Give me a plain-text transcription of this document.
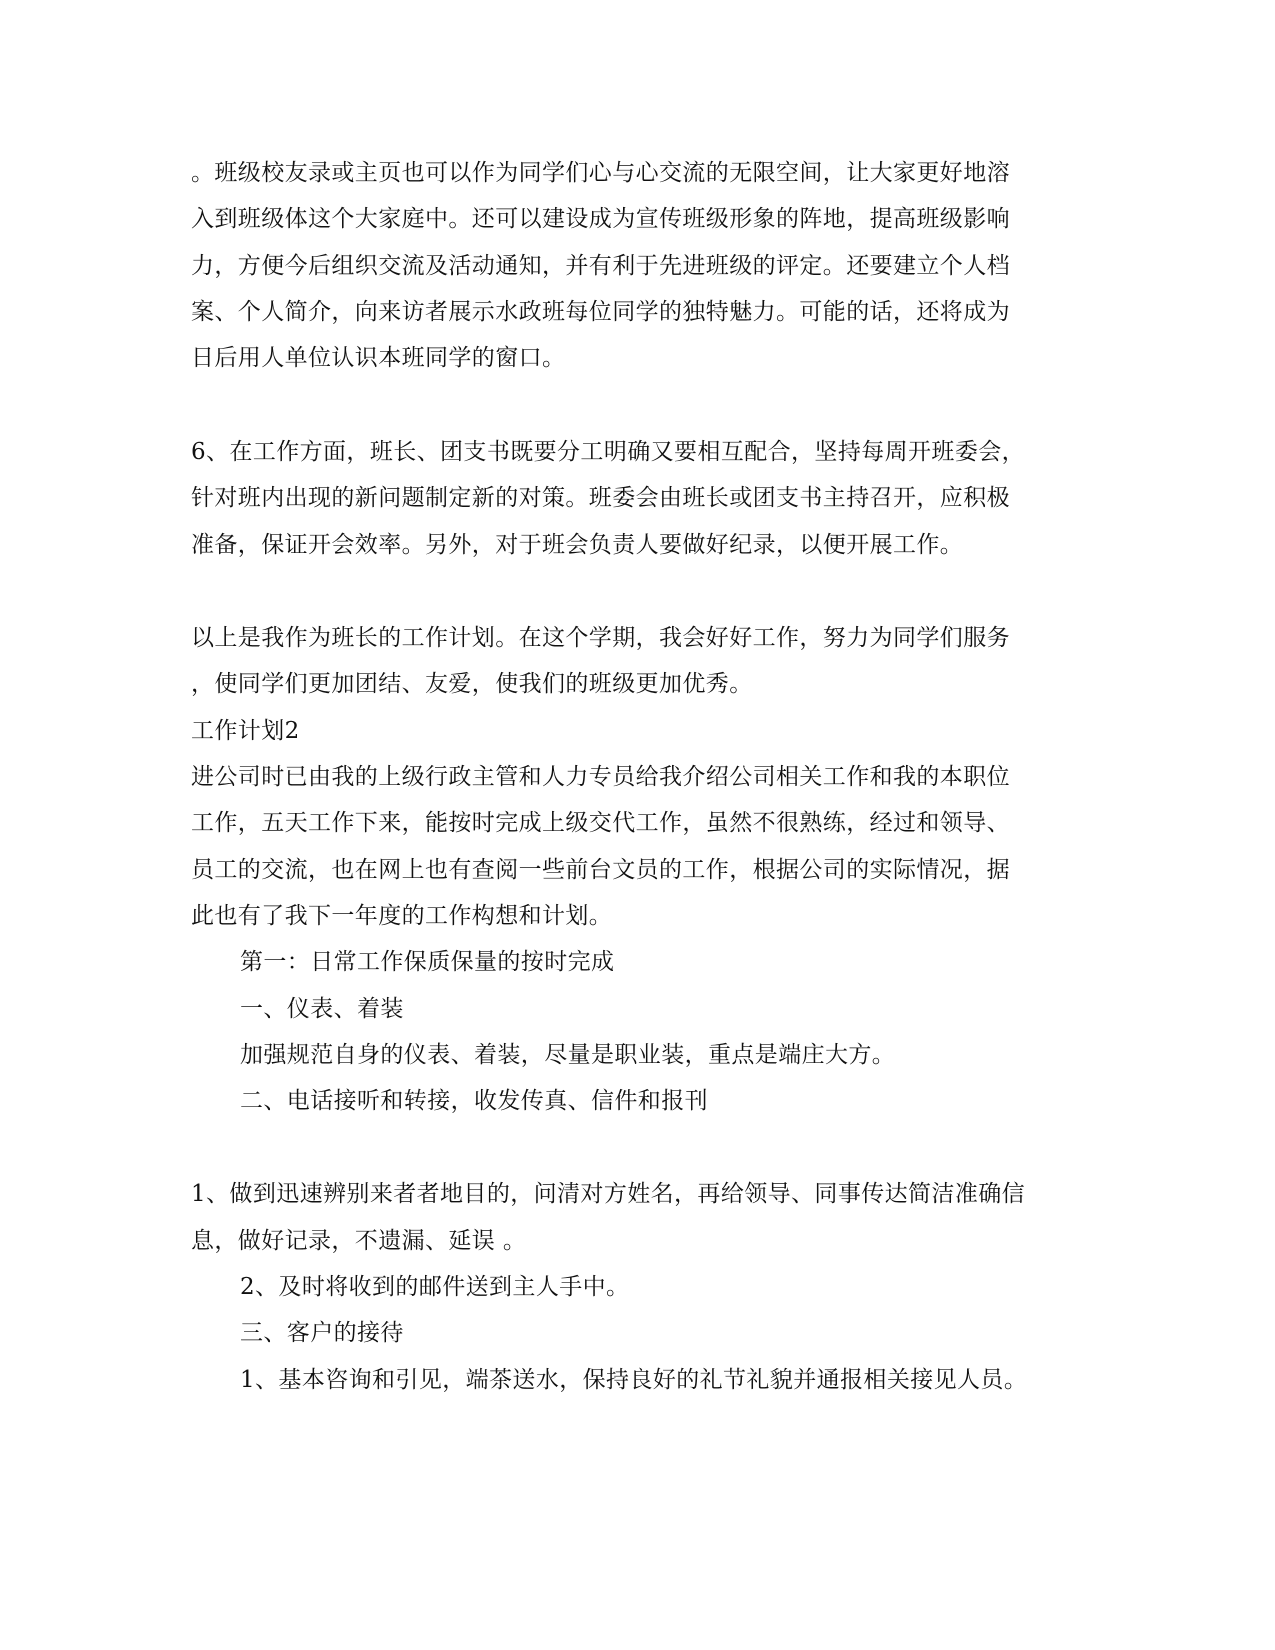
。班级校友录或主页也可以作为同学们心与心交流的无限空间，让大家更好地溶
入到班级体这个大家庭中。还可以建设成为宣传班级形象的阵地，提高班级影响
力，方便今后组织交流及活动通知，并有利于先进班级的评定。还要建立个人档
案、个人简介，向来访者展示水政班每位同学的独特魅力。可能的话，还将成为
日后用人单位认识本班同学的窗口。
6、在工作方面，班长、团支书既要分工明确又要相互配合，坚持每周开班委会，
针对班内出现的新问题制定新的对策。班委会由班长或团支书主持召开，应积极
准备，保证开会效率。另外，对于班会负责人要做好纪录，以便开展工作。
以上是我作为班长的工作计划。在这个学期，我会好好工作，努力为同学们服务
，使同学们更加团结、友爱，使我们的班级更加优秀。
工作计划2
进公司时已由我的上级行政主管和人力专员给我介绍公司相关工作和我的本职位
工作，五天工作下来，能按时完成上级交代工作，虽然不很熟练，经过和领导、
员工的交流，也在网上也有查阅一些前台文员的工作，根据公司的实际情况，据
此也有了我下一年度的工作构想和计划。
第一：日常工作保质保量的按时完成
一、仪表、着装
加强规范自身的仪表、着装，尽量是职业装，重点是端庄大方。
二、电话接听和转接，收发传真、信件和报刊
1、做到迅速辨别来者者地目的，问清对方姓名，再给领导、同事传达简洁准确信
息，做好记录，不遗漏、延误 。
2、及时将收到的邮件送到主人手中。
三、客户的接待
1、基本咨询和引见，端茶送水，保持良好的礼节礼貌并通报相关接见人员。
